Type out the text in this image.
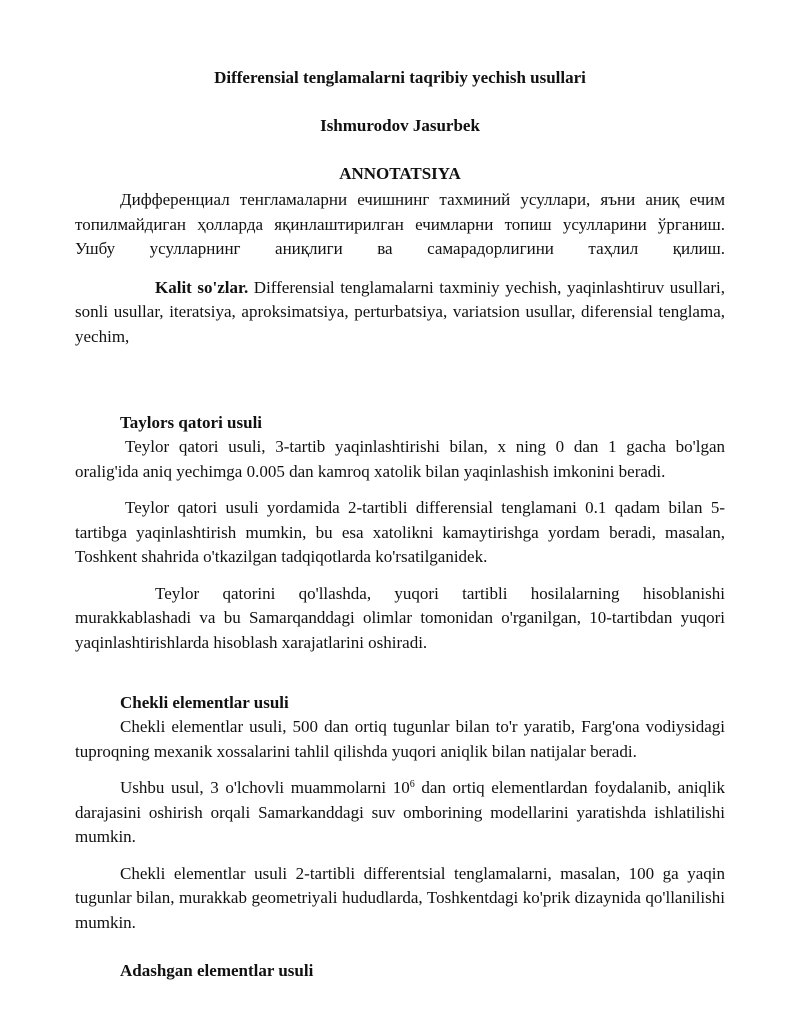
Differensial tenglamalarni taqribiy yechish usullari
Ishmurodov Jasurbek
ANNOTATSIYA

Дифференциал тенгламаларни ечишнинг тахминий усуллари, яъни аниқ ечим топилмайдиган ҳолларда яқинлаштирилган ечимларни топиш усулларини ўрганиш.

Ушбу усулларнинг аниқлиги ва самарадорлигини таҳлил қилиш.

Kalit so'zlar. Differensial tenglamalarni taxminiy yechish, yaqinlashtiruv usullari, sonli usullar, iteratsiya, aproksimatsiya, perturbatsiya, variatsion usullar, diferensial tenglama, yechim,

Taylors qatori usuli

Teylor qatori usuli, 3-tartib yaqinlashtirishi bilan, x ning 0 dan 1 gacha bo'lgan oralig'ida aniq yechimga 0.005 dan kamroq xatolik bilan yaqinlashish imkonini beradi.

Teylor qatori usuli yordamida 2-tartibli differensial tenglamani 0.1 qadam bilan 5-tartibga yaqinlashtirish mumkin, bu esa xatolikni kamaytirishga yordam beradi, masalan, Toshkent shahrida o'tkazilgan tadqiqotlarda ko'rsatilganidek.

Teylor qatorini qo'llashda, yuqori tartibli hosilalarning hisoblanishi murakkablashadi va bu Samarqanddagi olimlar tomonidan o'rganilgan, 10-tartibdan yuqori yaqinlashtirishlarda hisoblash xarajatlarini oshiradi.

Chekli elementlar usuli

Chekli elementlar usuli, 500 dan ortiq tugunlar bilan to'r yaratib, Farg'ona vodiysidagi tuproqning mexanik xossalarini tahlil qilishda yuqori aniqlik bilan natijalar beradi.

Ushbu usul, 3 o'lchovli muammolarni $10^6$ dan ortiq elementlardan foydalanib, aniqlik darajasini oshirish orqali Samarkanddagi suv omborining modellarini yaratishda ishlatilishi mumkin.

Chekli elementlar usuli 2-tartibli differentsial tenglamalarni, masalan, 100 ga yaqin tugunlar bilan, murakkab geometriyali hududlarda, Toshkentdagi ko'prik dizaynida qo'llanilishi mumkin.

Adashgan elementlar usuli
